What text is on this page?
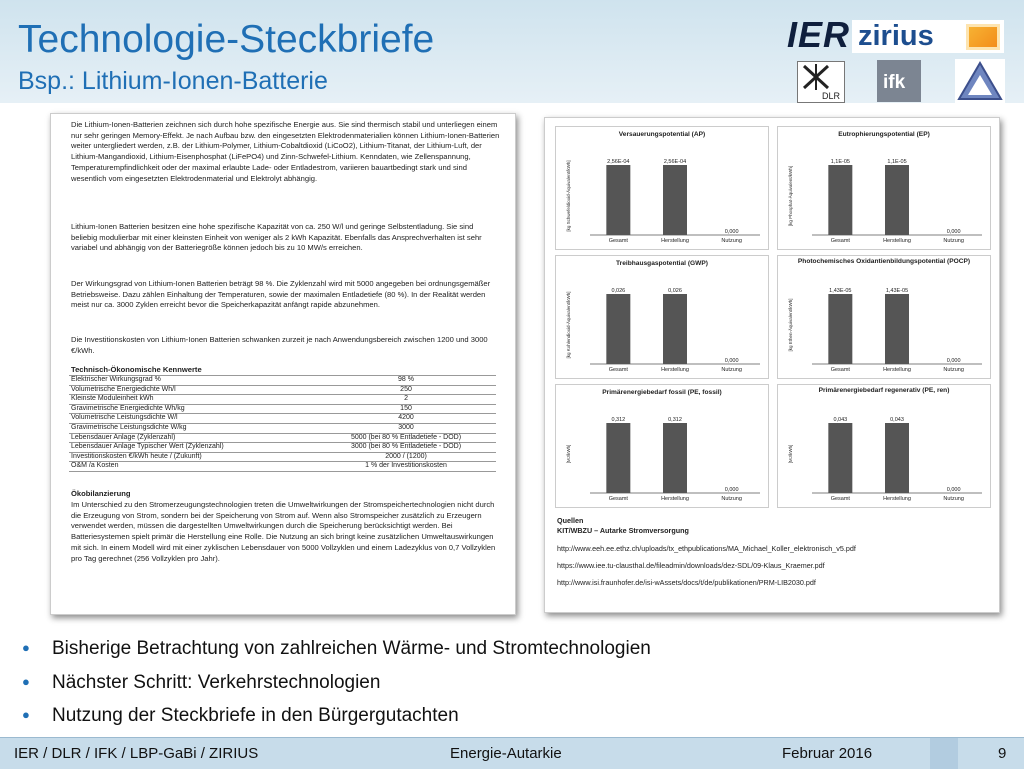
Technologie-Steckbriefe
Bsp.: Lithium-Ionen-Batterie
IER zirius
DLR
ifk

Die Lithium-Ionen-Batterien zeichnen sich durch hohe spezifische Energie aus. Sie sind thermisch stabil und unterliegen einem nur sehr geringen Memory-Effekt. Je nach Aufbau bzw. den eingesetzten Elektrodenmaterialien können Lithium-Ionen-Batterien weiter untergliedert werden, z.B. der Lithium-Polymer, Lithium-Cobaltdioxid (LiCoO2), Lithium-Titanat, der Lithium-Luft, der Lithium-Mangandioxid, Lithium-Eisenphosphat (LiFePO4) und Zinn-Schwefel-Lithium. Kenndaten, wie Zellenspannung, Temperaturempfindlichkeit oder der maximal erlaubte Lade- oder Entladestrom, variieren bauartbedingt stark und sind wesentlich vom eingesetzten Elektrodenmaterial und Elektrolyt abhängig.

Lithium-Ionen Batterien besitzen eine hohe spezifische Kapazität von ca. 250 W/l und geringe Selbstentladung. Sie sind beliebig modulierbar mit einer kleinsten Einheit von weniger als 2 kWh Kapazität. Ebenfalls das Ansprechverhalten ist sehr variabel und abhängig von der Batteriegröße können jedoch bis zu 10 MW/s erreichen.

Der Wirkungsgrad von Lithium-Ionen Batterien beträgt 98 %. Die Zyklenzahl wird mit 5000 angegeben bei ordnungsgemäßer Betriebsweise. Dazu zählen Einhaltung der Temperaturen, sowie der maximalen Entladetiefe (80 %). In der Realität werden meist nur ca. 3000 Zyklen erreicht bevor die Speicherkapazität anfängt rapide abzunehmen.

Die Investitionskosten von Lithium-Ionen Batterien schwanken zurzeit je nach Anwendungsbereich zwischen 1200 und 3000 €/kWh.

Technisch-Ökonomische Kennwerte

Elektrischer Wirkungsgrad %	98 %
Volumetrische Energiedichte Wh/l	250
Kleinste Moduleinheit kWh	2
Gravimetrische Energiedichte Wh/kg	150
Volumetrische Leistungsdichte W/l	4200
Gravimetrische Leistungsdichte W/kg	3000
Lebensdauer Anlage (Zyklenzahl)	5000 (bei 80 % Entladetiefe - DOD)
Lebensdauer Anlage Typischer Wert (Zyklenzahl)	3000 (bei 80 % Entladetiefe - DOD)
Investitionskosten €/kWh heute / (Zukunft)	2000 / (1200)
O&M /a Kosten	1 % der Investitionskosten

Ökobilanzierung

Im Unterschied zu den Stromerzeugungstechnologien treten die Umweltwirkungen der Stromspeichertechnologien nicht durch die Erzeugung von Strom, sondern bei der Speicherung von Strom auf. Wenn also Stromspeicher zusätzlich zu Erzeugern verwendet werden, müssen die dargestellten Umweltwirkungen durch die Speicherung berücksichtigt werden. Bei Batteriesystemen spielt primär die Herstellung eine Rolle. Die Nutzung an sich bringt keine zusätzlichen Umweltauswirkungen mit sich. In einem Modell wird mit einer zyklischen Lebensdauer von 5000 Vollzyklen und einem Ladezyklus von 0,7 Vollzyklen pro Tag gerechnet (256 Vollzyklen pro Jahr).

Versauerungspotential (AP)
[kg Schwefeldioxid-Äquivalent/kWh]	2,56E-04
Gesamt
2,56E-04
Herstellung
0,000
Nutzung
Eutrophierungspotential (EP)
[kg Phosphat-Äquivalent/kWh]
1,1E-05
Gesamt
1,1E-05
Herstellung
0,000
Nutzung
Treibhausgaspotential (GWP)
[kg Kohlendioxid-Äquivalent/kWh]
0,026
Gesamt
0,026
Herstellung
0,000
Nutzung
Photochemisches Oxidantienbildungspotential (POCP)
[kg Ethen-Äquivalent/kWh]
1,43E-05
Gesamt
1,43E-05
Herstellung
0,000
Nutzung
Primärenergiebedarf fossil (PE, fossil)
[MJ/kWh]
0,312
Gesamt
0,312
Herstellung
0,000
Nutzung
Primärenergiebedarf regenerativ (PE, ren)
[MJ/kWh]
0,043
Gesamt
0,043
Herstellung
0,000
Nutzung
Quellen
KIT/WBZU – Autarke Stromversorgung
http://www.eeh.ee.ethz.ch/uploads/tx_ethpublications/MA_Michael_Koller_elektronisch_v5.pdf
https://www.iee.tu-clausthal.de/fileadmin/downloads/dez-SDL/09-Klaus_Kraemer.pdf
http://www.isi.fraunhofer.de/isi-wAssets/docs/t/de/publikationen/PRM-LIB2030.pdf
● Bisherige Betrachtung von zahlreichen Wärme- und Stromtechnologien
● Nächster Schritt: Verkehrstechnologien
● Nutzung der Steckbriefe in den Bürgergutachten
IER / DLR / IFK / LBP-GaBi / ZIRIUS	Energie-Autarkie	Februar 2016	9
